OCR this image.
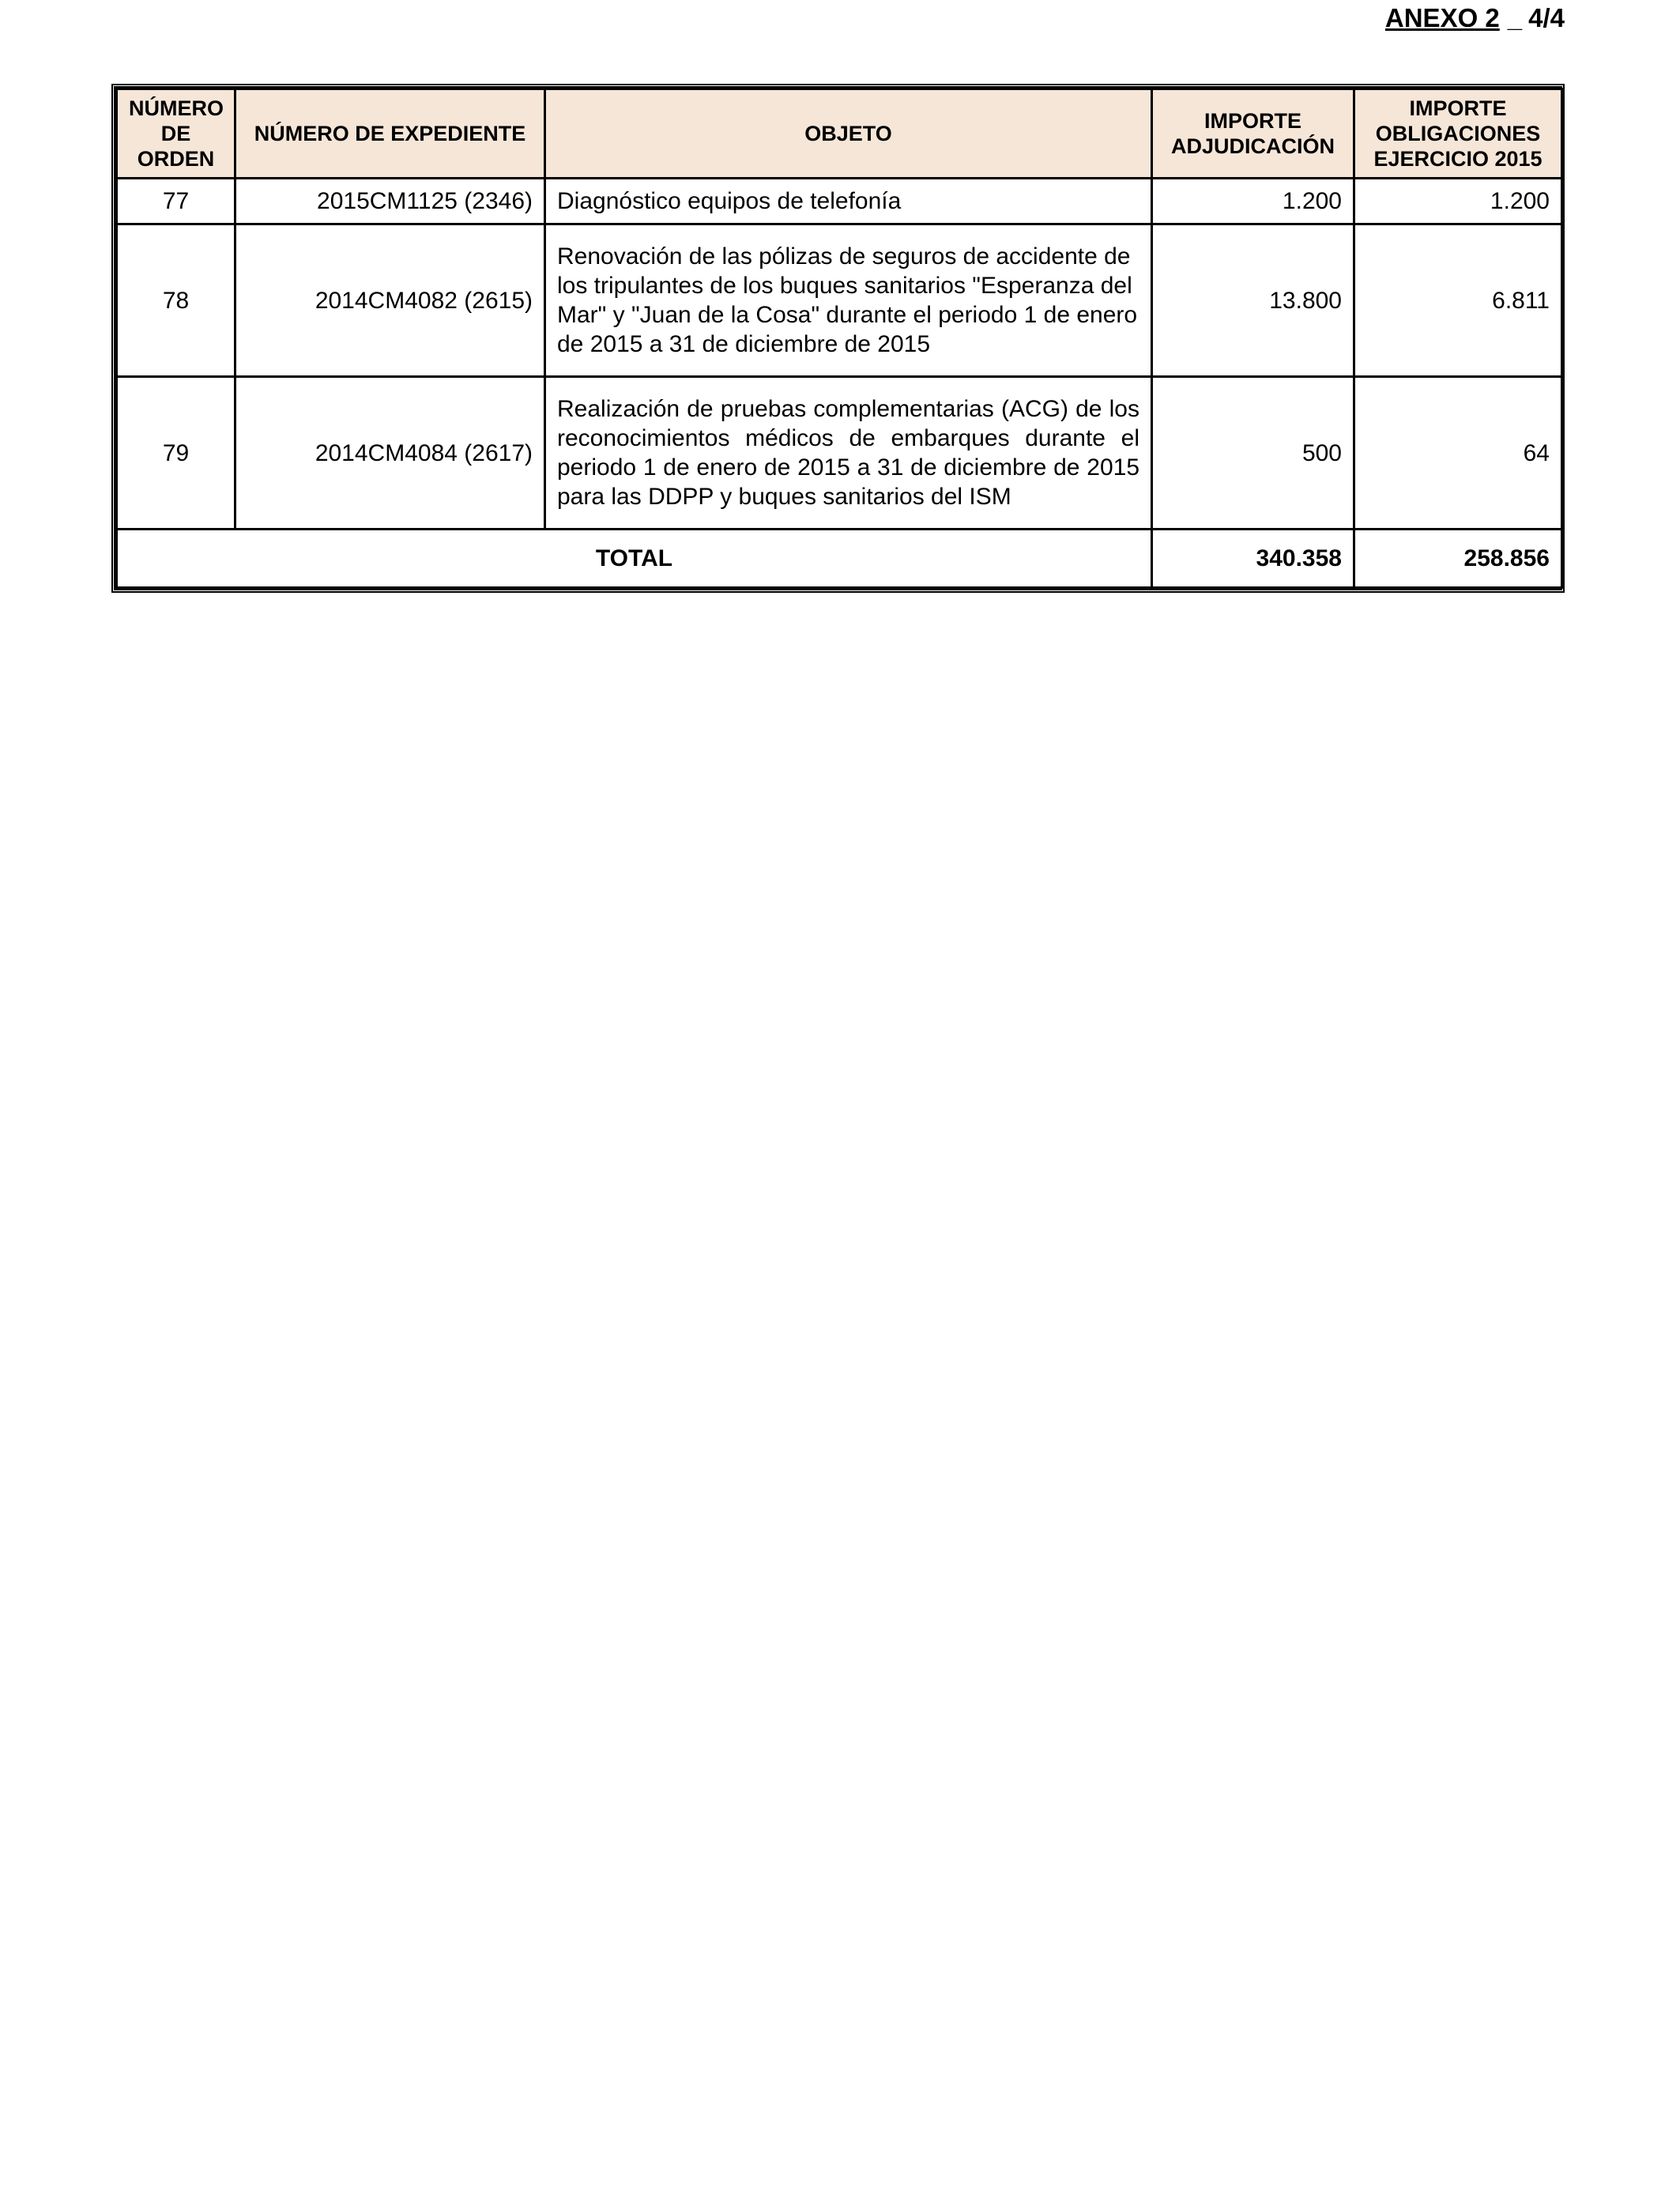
ANEXO 2 _ 4/4
NÚMERO DE ORDEN	NÚMERO DE EXPEDIENTE	OBJETO	IMPORTE ADJUDICACIÓN	IMPORTE OBLIGACIONES EJERCICIO 2015
77	2015CM1125 (2346)	Diagnóstico equipos de telefonía	1.200	1.200
78	2014CM4082 (2615)	Renovación de las pólizas de seguros de accidente de los tripulantes de los buques sanitarios "Esperanza del Mar" y "Juan de la Cosa" durante el periodo 1 de enero de 2015 a 31 de diciembre de 2015	13.800	6.811
79	2014CM4084 (2617)	Realización de pruebas complementarias (ACG) de los reconocimientos médicos de embarques durante el periodo 1 de enero de 2015 a 31 de diciembre de 2015 para las DDPP y buques sanitarios del ISM	500	64
TOTAL			340.358	258.856
